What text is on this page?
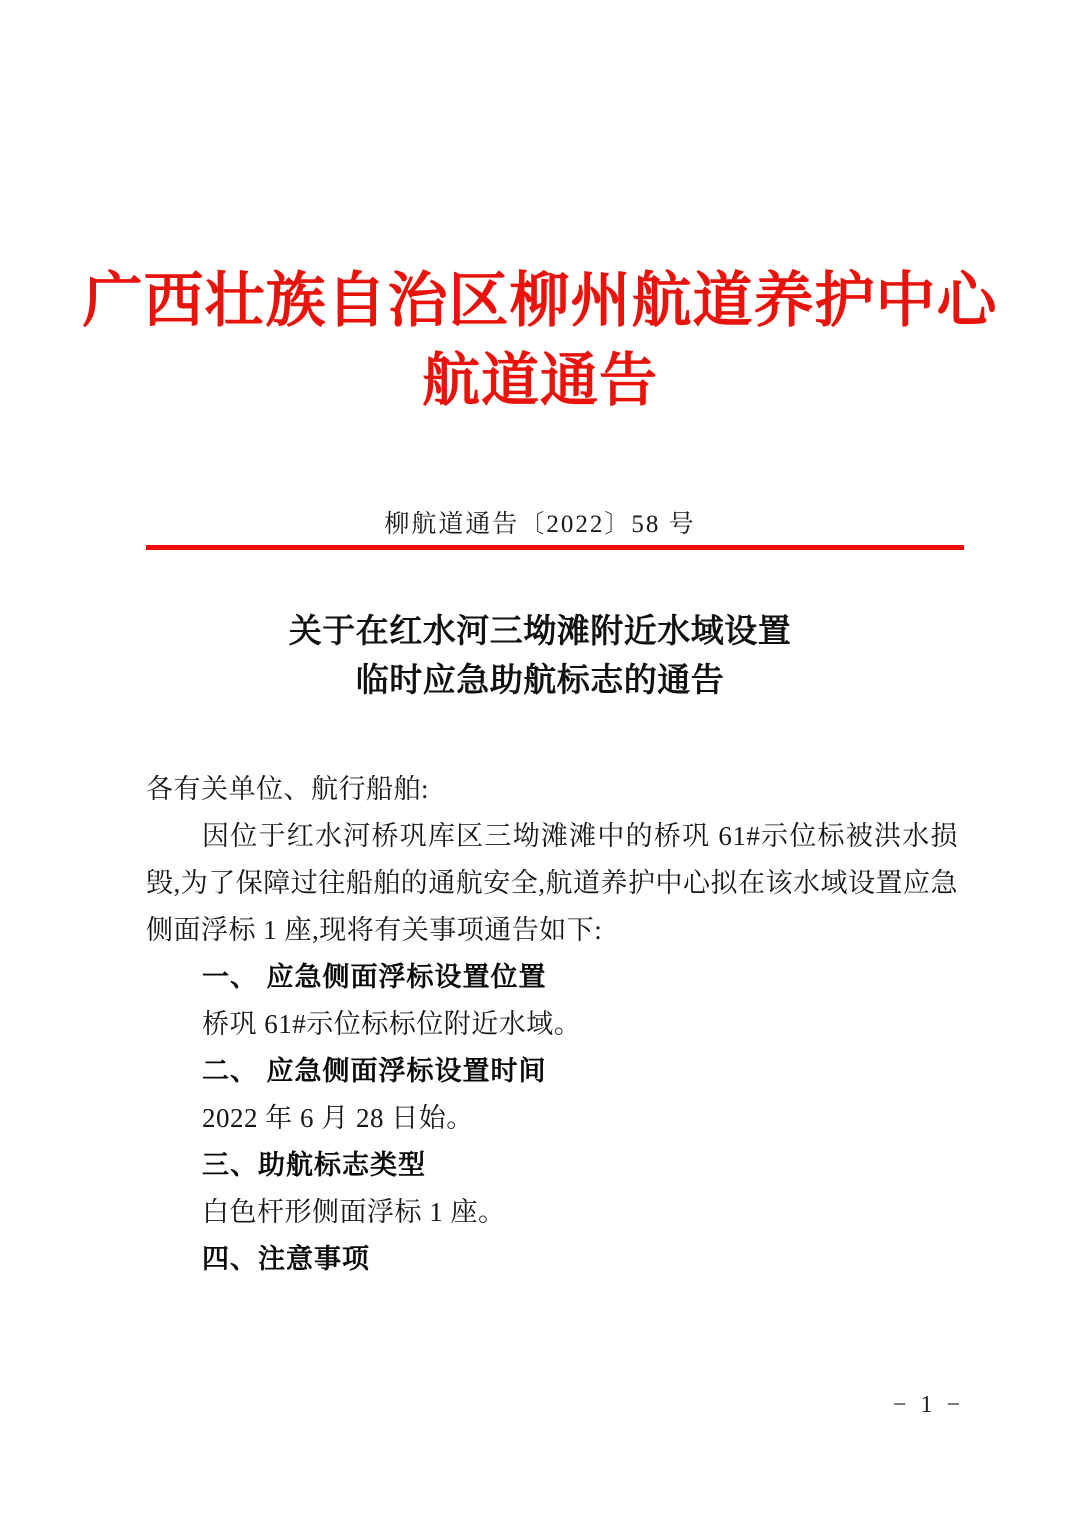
广西壮族自治区柳州航道养护中心
航道通告
柳航道通告〔2022〕58 号
关于在红水河三坳滩附近水域设置
临时应急助航标志的通告
各有关单位、航行船舶:
因位于红水河桥巩库区三坳滩滩中的桥巩 61#示位标被洪水损毁,为了保障过往船舶的通航安全,航道养护中心拟在该水域设置应急侧面浮标 1 座,现将有关事项通告如下:
一、 应急侧面浮标设置位置
桥巩 61#示位标标位附近水域。
二、 应急侧面浮标设置时间
2022 年 6 月 28 日始。
三、助航标志类型
白色杆形侧面浮标 1 座。
四、注意事项
− 1 −
